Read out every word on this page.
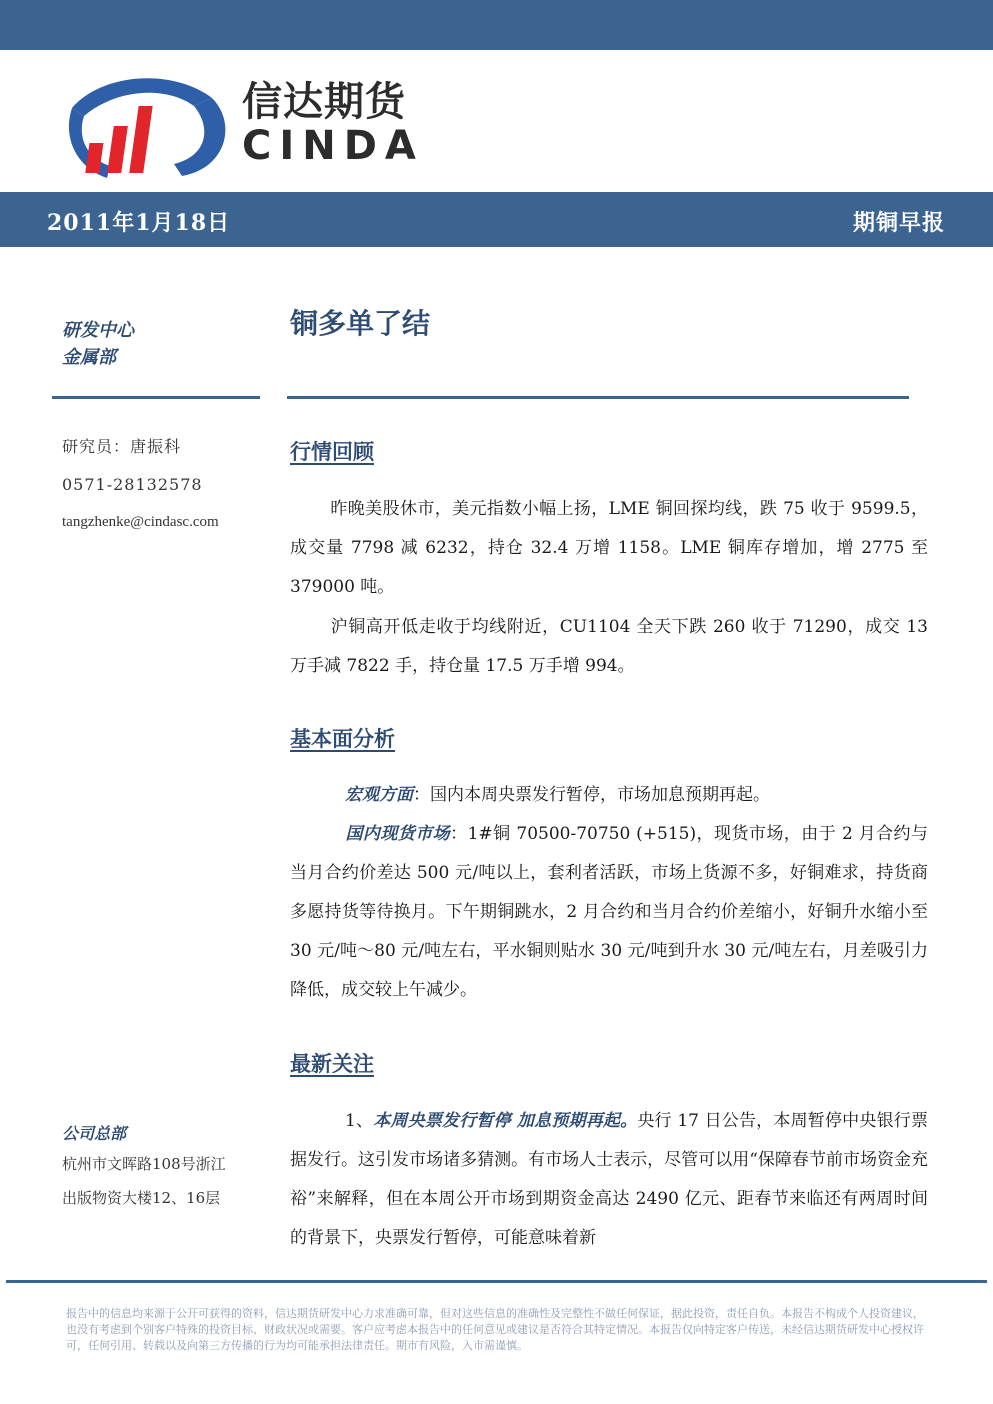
信达期货
CINDA
2011年1月18日	期铜早报
研发中心
金属部
铜多单了结
研究员：唐振科
0571-28132578
tangzhenke@cindasc.com
行情回顾

昨晚美股休市，美元指数小幅上扬，LME 铜回探均线，跌 75 收于 9599.5，成交量 7798 减 6232，持仓 32.4 万增 1158。LME 铜库存增加，增 2775 至 379000 吨。

沪铜高开低走收于均线附近，CU1104 全天下跌 260 收于 71290，成交 13 万手减 7822 手，持仓量 17.5 万手增 994。

基本面分析

宏观方面：国内本周央票发行暂停，市场加息预期再起。

国内现货市场：1#铜 70500-70750 (+515)，现货市场，由于 2 月合约与当月合约价差达 500 元/吨以上，套利者活跃，市场上货源不多，好铜难求，持货商多愿持货等待换月。下午期铜跳水，2 月合约和当月合约价差缩小，好铜升水缩小至 30 元/吨～80 元/吨左右，平水铜则贴水 30 元/吨到升水 30 元/吨左右，月差吸引力降低，成交较上午减少。

最新关注

1、本周央票发行暂停 加息预期再起。央行 17 日公告，本周暂停中央银行票据发行。这引发市场诸多猜测。有市场人士表示，尽管可以用“保障春节前市场资金充裕”来解释，但在本周公开市场到期资金高达 2490 亿元、距春节来临还有两周时间的背景下，央票发行暂停，可能意味着新

公司总部
杭州市文晖路108号浙江
出版物资大楼12、16层

报告中的信息均来源于公开可获得的资料，信达期货研发中心力求准确可靠，但对这些信息的准确性及完整性不做任何保证，据此投资，责任自负。本报告不构成个人投资建议，也没有考虑到个别客户特殊的投资目标、财政状况或需要。客户应考虑本报告中的任何意见或建议是否符合其特定情况。本报告仅向特定客户传送，未经信达期货研发中心授权许可，任何引用、转载以及向第三方传播的行为均可能承担法律责任。期市有风险，入市需谨慎。
